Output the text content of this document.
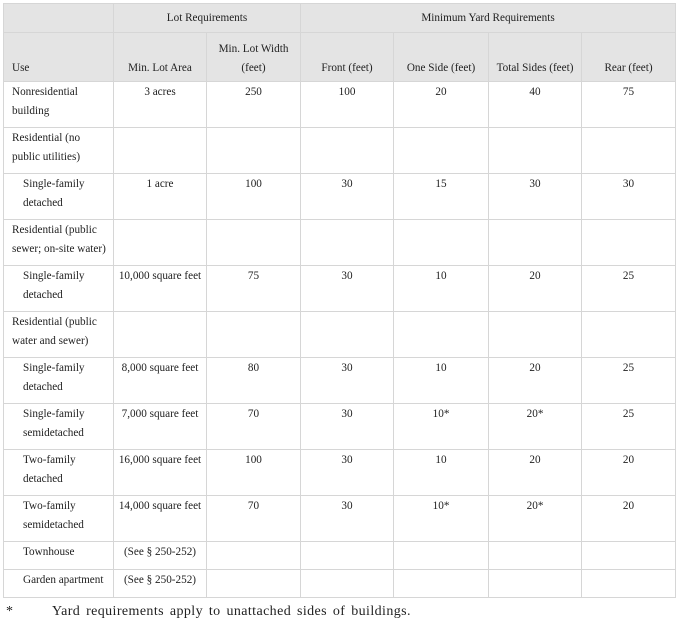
	Lot Requirements		Minimum Yard Requirements			
Use	Min. Lot Area	Min. Lot Width (feet)	Front (feet)	One Side (feet)	Total Sides (feet)	Rear (feet)
Nonresidential building	3 acres	250	100	20	40	75
Residential (no public utilities)						
Single-family detached	1 acre	100	30	15	30	30
Residential (public sewer; on-site water)						
Single-family detached	10,000 square feet	75	30	10	20	25
Residential (public water and sewer)						
Single-family detached	8,000 square feet	80	30	10	20	25
Single-family semidetached	7,000 square feet	70	30	10*	20*	25
Two-family detached	16,000 square feet	100	30	10	20	20
Two-family semidetached	14,000 square feet	70	30	10*	20*	20
Townhouse	(See § 250-252)					
Garden apartment	(See § 250-252)					
*	Yard requirements apply to unattached sides of buildings.
